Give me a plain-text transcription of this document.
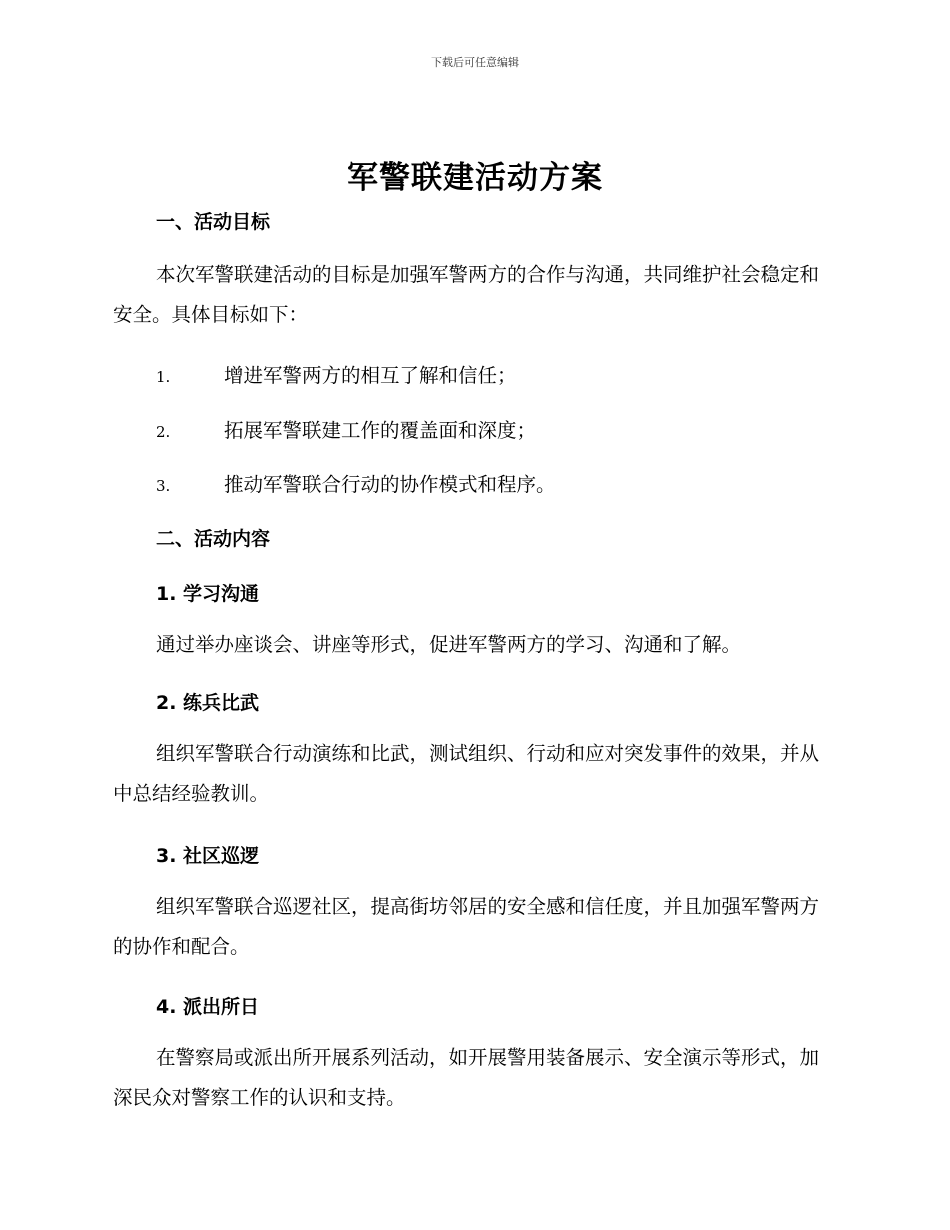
下载后可任意编辑
军警联建活动方案
一、活动目标
本次军警联建活动的目标是加强军警两方的合作与沟通，共同维护社会稳定和安全。具体目标如下：
1.	增进军警两方的相互了解和信任；
2.	拓展军警联建工作的覆盖面和深度；
3.	推动军警联合行动的协作模式和程序。
二、活动内容
1. 学习沟通
通过举办座谈会、讲座等形式，促进军警两方的学习、沟通和了解。
2. 练兵比武
组织军警联合行动演练和比武，测试组织、行动和应对突发事件的效果，并从中总结经验教训。
3. 社区巡逻
组织军警联合巡逻社区，提高街坊邻居的安全感和信任度，并且加强军警两方的协作和配合。
4. 派出所日
在警察局或派出所开展系列活动，如开展警用装备展示、安全演示等形式，加深民众对警察工作的认识和支持。
